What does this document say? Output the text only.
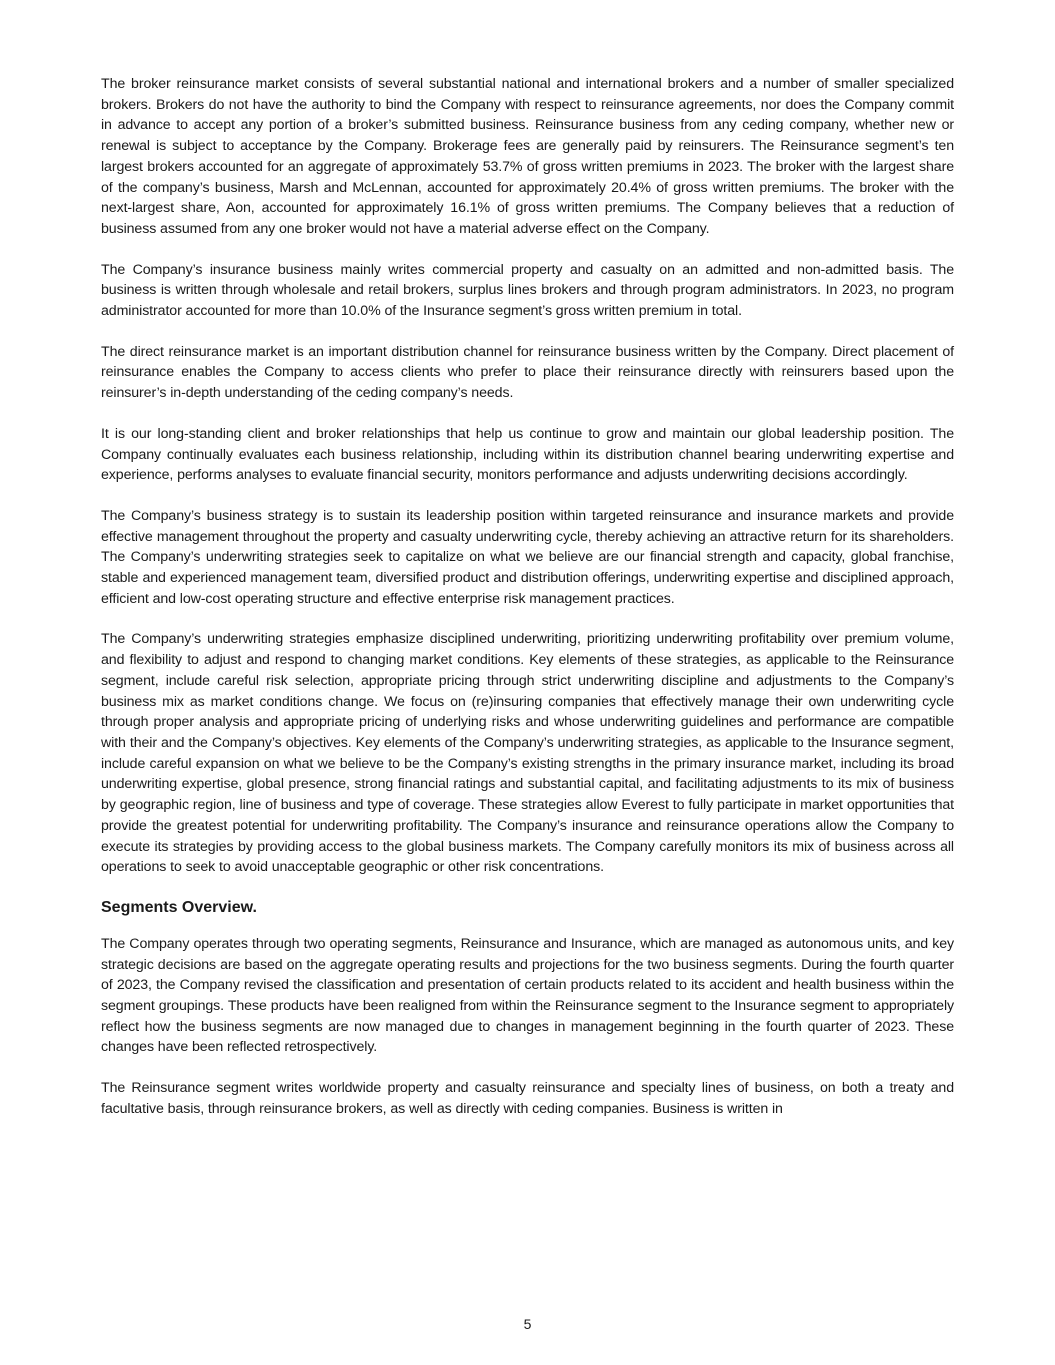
The broker reinsurance market consists of several substantial national and international brokers and a number of smaller specialized brokers. Brokers do not have the authority to bind the Company with respect to reinsurance agreements, nor does the Company commit in advance to accept any portion of a broker’s submitted business. Reinsurance business from any ceding company, whether new or renewal is subject to acceptance by the Company. Brokerage fees are generally paid by reinsurers. The Reinsurance segment’s ten largest brokers accounted for an aggregate of approximately 53.7% of gross written premiums in 2023. The broker with the largest share of the company’s business, Marsh and McLennan, accounted for approximately 20.4% of gross written premiums. The broker with the next-largest share, Aon, accounted for approximately 16.1% of gross written premiums. The Company believes that a reduction of business assumed from any one broker would not have a material adverse effect on the Company.

The Company’s insurance business mainly writes commercial property and casualty on an admitted and non-admitted basis. The business is written through wholesale and retail brokers, surplus lines brokers and through program administrators. In 2023, no program administrator accounted for more than 10.0% of the Insurance segment’s gross written premium in total.

The direct reinsurance market is an important distribution channel for reinsurance business written by the Company. Direct placement of reinsurance enables the Company to access clients who prefer to place their reinsurance directly with reinsurers based upon the reinsurer’s in-depth understanding of the ceding company’s needs.

It is our long-standing client and broker relationships that help us continue to grow and maintain our global leadership position. The Company continually evaluates each business relationship, including within its distribution channel bearing underwriting expertise and experience, performs analyses to evaluate financial security, monitors performance and adjusts underwriting decisions accordingly.

The Company’s business strategy is to sustain its leadership position within targeted reinsurance and insurance markets and provide effective management throughout the property and casualty underwriting cycle, thereby achieving an attractive return for its shareholders. The Company’s underwriting strategies seek to capitalize on what we believe are our financial strength and capacity, global franchise, stable and experienced management team, diversified product and distribution offerings, underwriting expertise and disciplined approach, efficient and low-cost operating structure and effective enterprise risk management practices.

The Company’s underwriting strategies emphasize disciplined underwriting, prioritizing underwriting profitability over premium volume, and flexibility to adjust and respond to changing market conditions. Key elements of these strategies, as applicable to the Reinsurance segment, include careful risk selection, appropriate pricing through strict underwriting discipline and adjustments to the Company’s business mix as market conditions change. We focus on (re)insuring companies that effectively manage their own underwriting cycle through proper analysis and appropriate pricing of underlying risks and whose underwriting guidelines and performance are compatible with their and the Company’s objectives. Key elements of the Company’s underwriting strategies, as applicable to the Insurance segment, include careful expansion on what we believe to be the Company’s existing strengths in the primary insurance market, including its broad underwriting expertise, global presence, strong financial ratings and substantial capital, and facilitating adjustments to its mix of business by geographic region, line of business and type of coverage. These strategies allow Everest to fully participate in market opportunities that provide the greatest potential for underwriting profitability. The Company’s insurance and reinsurance operations allow the Company to execute its strategies by providing access to the global business markets. The Company carefully monitors its mix of business across all operations to seek to avoid unacceptable geographic or other risk concentrations.

Segments Overview.

The Company operates through two operating segments, Reinsurance and Insurance, which are managed as autonomous units, and key strategic decisions are based on the aggregate operating results and projections for the two business segments. During the fourth quarter of 2023, the Company revised the classification and presentation of certain products related to its accident and health business within the segment groupings. These products have been realigned from within the Reinsurance segment to the Insurance segment to appropriately reflect how the business segments are now managed due to changes in management beginning in the fourth quarter of 2023. These changes have been reflected retrospectively.

The Reinsurance segment writes worldwide property and casualty reinsurance and specialty lines of business, on both a treaty and facultative basis, through reinsurance brokers, as well as directly with ceding companies. Business is written in

5
